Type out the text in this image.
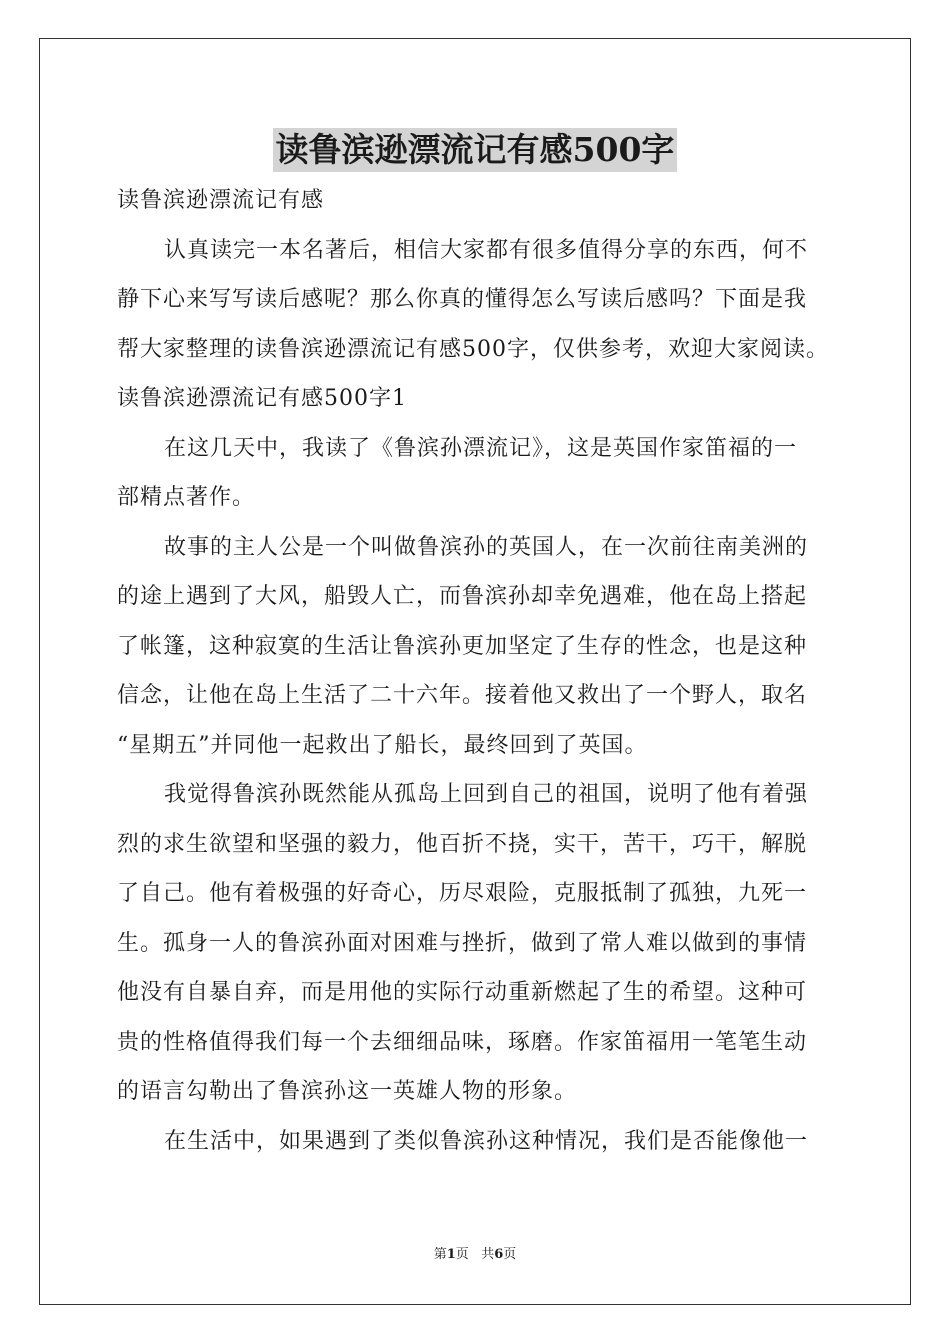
读鲁滨逊漂流记有感500字
读鲁滨逊漂流记有感
认真读完一本名著后，相信大家都有很多值得分享的东西，何不
静下心来写写读后感呢？那么你真的懂得怎么写读后感吗？下面是我
帮大家整理的读鲁滨逊漂流记有感500字，仅供参考，欢迎大家阅读。
读鲁滨逊漂流记有感500字1
在这几天中，我读了《鲁滨孙漂流记》，这是英国作家笛福的一
部精点著作。
故事的主人公是一个叫做鲁滨孙的英国人，在一次前往南美洲的
的途上遇到了大风，船毁人亡，而鲁滨孙却幸免遇难，他在岛上搭起
了帐篷，这种寂寞的生活让鲁滨孙更加坚定了生存的性念，也是这种
信念，让他在岛上生活了二十六年。接着他又救出了一个野人，取名
“星期五”并同他一起救出了船长，最终回到了英国。
我觉得鲁滨孙既然能从孤岛上回到自己的祖国，说明了他有着强
烈的求生欲望和坚强的毅力，他百折不挠，实干，苦干，巧干，解脱
了自己。他有着极强的好奇心，历尽艰险，克服抵制了孤独，九死一
生。孤身一人的鲁滨孙面对困难与挫折，做到了常人难以做到的事情
他没有自暴自弃，而是用他的实际行动重新燃起了生的希望。这种可
贵的性格值得我们每一个去细细品味，琢磨。作家笛福用一笔笔生动
的语言勾勒出了鲁滨孙这一英雄人物的形象。
在生活中，如果遇到了类似鲁滨孙这种情况，我们是否能像他一
第1页 共6页
